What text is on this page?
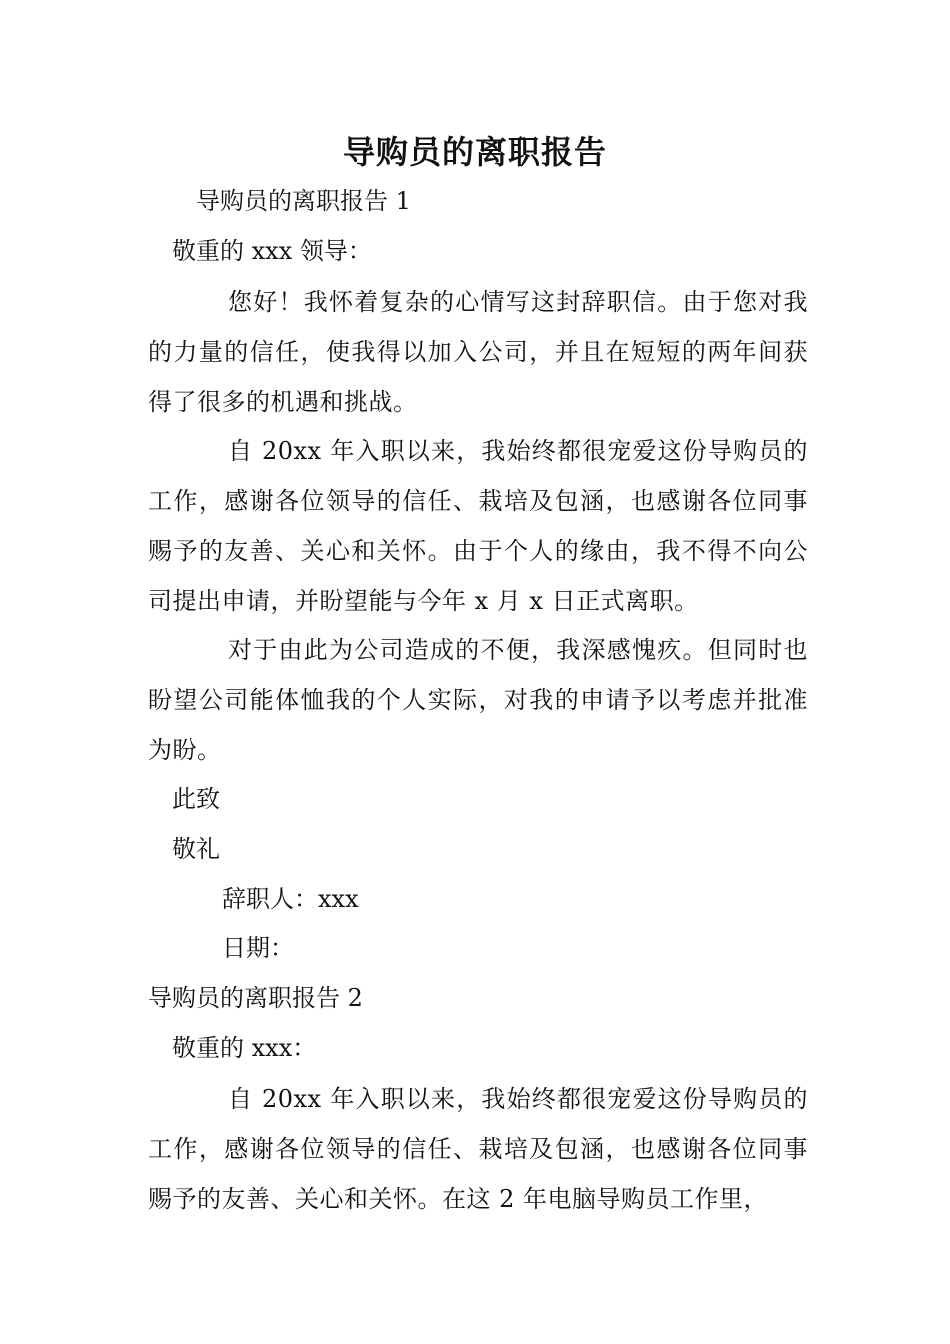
导购员的离职报告
导购员的离职报告 1
敬重的 xxx 领导：
您好！我怀着复杂的心情写这封辞职信。由于您对我的力量的信任，使我得以加入公司，并且在短短的两年间获得了很多的机遇和挑战。
自 20xx 年入职以来，我始终都很宠爱这份导购员的工作，感谢各位领导的信任、栽培及包涵，也感谢各位同事赐予的友善、关心和关怀。由于个人的缘由，我不得不向公司提出申请，并盼望能与今年 x 月 x 日正式离职。
对于由此为公司造成的不便，我深感愧疚。但同时也盼望公司能体恤我的个人实际，对我的申请予以考虑并批准为盼。
此致
敬礼
辞职人：xxx
日期：
导购员的离职报告 2
敬重的 xxx：
自 20xx 年入职以来，我始终都很宠爱这份导购员的工作，感谢各位领导的信任、栽培及包涵，也感谢各位同事赐予的友善、关心和关怀。在这 2 年电脑导购员工作里，
